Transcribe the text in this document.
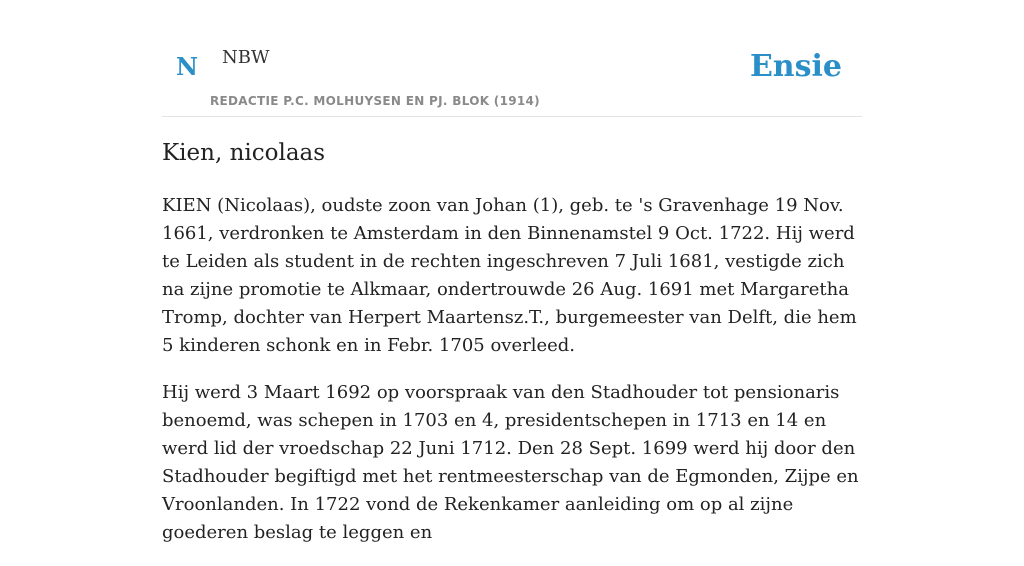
N NBW
REDACTIE P.C. MOLHUYSEN EN PJ. BLOK (1914)
Ensie
Kien, nicolaas

KIEN (Nicolaas), oudste zoon van Johan (1), geb. te 's Gravenhage 19 Nov. 1661, verdronken te Amsterdam in den Binnenamstel 9 Oct. 1722. Hij werd te Leiden als student in de rechten ingeschreven 7 Juli 1681, vestigde zich na zijne promotie te Alkmaar, ondertrouwde 26 Aug. 1691 met Margaretha Tromp, dochter van Herpert Maartensz.T., burgemeester van Delft, die hem 5 kinderen schonk en in Febr. 1705 overleed.

Hij werd 3 Maart 1692 op voorspraak van den Stadhouder tot pensionaris benoemd, was schepen in 1703 en 4, presidentschepen in 1713 en 14 en werd lid der vroedschap 22 Juni 1712. Den 28 Sept. 1699 werd hij door den Stadhouder begiftigd met het rentmeesterschap van de Egmonden, Zijpe en Vroonlanden. In 1722 vond de Rekenkamer aanleiding om op al zijne goederen beslag te leggen en
